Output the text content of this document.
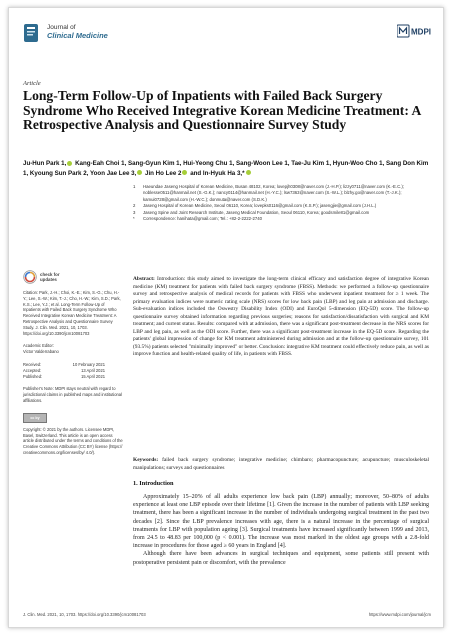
Journal of
Clinical Medicine	MDPI
Article
Long-Term Follow-Up of Inpatients with Failed Back Surgery Syndrome Who Received Integrative Korean Medicine Treatment: A Retrospective Analysis and Questionnaire Survey Study
Ju-Hun Park 1, Kang-Eah Choi 1, Sang-Gyun Kim 1, Hui-Yeong Chu 1, Sang-Woon Lee 1, Tae-Ju Kim 1, Hyun-Woo Cho 1, Sang Don Kim 1, Kyoung Sun Park 2, Yoon Jae Lee 3, Jin Ho Lee 2 and In-Hyuk Ha 3,*
1	Haeundae Jaseng Hospital of Korean Medicine, Busan 48102, Korea; lovepjh0308@naver.com (J.-H.P.); lizzy0711@naver.com (K.-E.C.); noblesse0511@hanmail.net (S.-G.K.); nancy0114@hanmail.net (H.-Y.C.); lsw7363@naver.com (S.-W.L.); blzhy.go@naver.com (T.-J.K.); kamui0728@gmail.com (H.-W.C.); donmuta@naver.com (S.D.K.)
2	Jaseng Hospital of Korean Medicine, Seoul 06110, Korea; lovepks0116@gmail.com (K.S.P.); jasengjie@gmail.com (J.H.L.)
3	Jaseng Spine and Joint Research Institute, Jaseng Medical Foundation, Seoul 06110, Korea; goodsmile81@gmail.com
*	Correspondence: hanihata@gmail.com; Tel.: +82-2-2222-2740
check for
updates
Citation: Park, J.-H.; Choi, K.-E.; Kim, S.-G.; Chu, H.-Y.; Lee, S.-W.; Kim, T.-J.; Cho, H.-W.; Kim, S.D.; Park, K.S.; Lee, Y.J.; et al. Long-Term Follow-Up of Inpatients with Failed Back Surgery Syndrome Who Received Integrative Korean Medicine Treatment: A Retrospective Analysis and Questionnaire Survey Study. J. Clin. Med. 2021, 10, 1703. https://doi.org/10.3390/jcm10081703
Academic Editor:
Victor Valderrabano
Received:	10 February 2021
Accepted:	13 April 2021
Published:	15 April 2021
Publisher's Note: MDPI stays neutral with regard to jurisdictional claims in published maps and institutional affiliations.
cc by
Copyright: © 2021 by the authors. Licensee MDPI, Basel, Switzerland. This article is an open access article distributed under the terms and conditions of the Creative Commons Attribution (CC BY) license (https:// creativecommons.org/licenses/by/ 4.0/).
Abstract: Introduction: this study aimed to investigate the long-term clinical efficacy and satisfaction degree of integrative Korean medicine (KM) treatment for patients with failed back surgery syndrome (FBSS). Methods: we performed a follow-up questionnaire survey and retrospective analysis of medical records for patients with FBSS who underwent inpatient treatment for ≥ 1 week. The primary evaluation indices were numeric rating scale (NRS) scores for low back pain (LBP) and leg pain at admission and discharge. Sub-evaluation indices included the Oswestry Disability Index (ODI) and EuroQol 5-dimension (EQ-5D) score. The follow-up questionnaire survey obtained information regarding previous surgeries; reasons for satisfaction/dissatisfaction with surgical and KM treatment; and current status. Results: compared with at admission, there was a significant post-treatment decrease in the NRS scores for LBP and leg pain, as well as the ODI score. Further, there was a significant post-treatment increase in the EQ-5D score. Regarding the patients' global impression of change for KM treatment administered during admission and at the follow-up questionnaire survey, 101 (93.5%) patients selected "minimally improved" or better. Conclusion: integrative KM treatment could effectively reduce pain, as well as improve function and health-related quality of life, in patients with FBSS.
Keywords: failed back surgery syndrome; integrative medicine; chimbaro; pharmacopuncture; acupuncture; musculoskeletal manipulations; surveys and questionnaires
1. Introduction

Approximately 15–20% of all adults experience low back pain (LBP) annually; moreover, 50–80% of adults experience at least one LBP episode over their lifetime [1]. Given the increase in the number of patients with LBP seeking treatment, there has been a significant increase in the number of individuals undergoing surgical treatment in the past two decades [2]. Since the LBP prevalence increases with age, there is a natural increase in the percentage of surgical treatments for LBP with population ageing [3]. Surgical treatments have increased significantly between 1999 and 2013, from 24.5 to 48.83 per 100,000 (p < 0.001). The increase was most marked in the oldest age groups with a 2.8-fold increase in procedures for those aged ≥ 60 years in England [4].

Although there have been advances in surgical techniques and equipment, some patients still present with postoperative persistent pain or discomfort, with the prevalence

J. Clin. Med. 2021, 10, 1703. https://doi.org/10.3390/jcm10081703	https://www.mdpi.com/journal/jcm
